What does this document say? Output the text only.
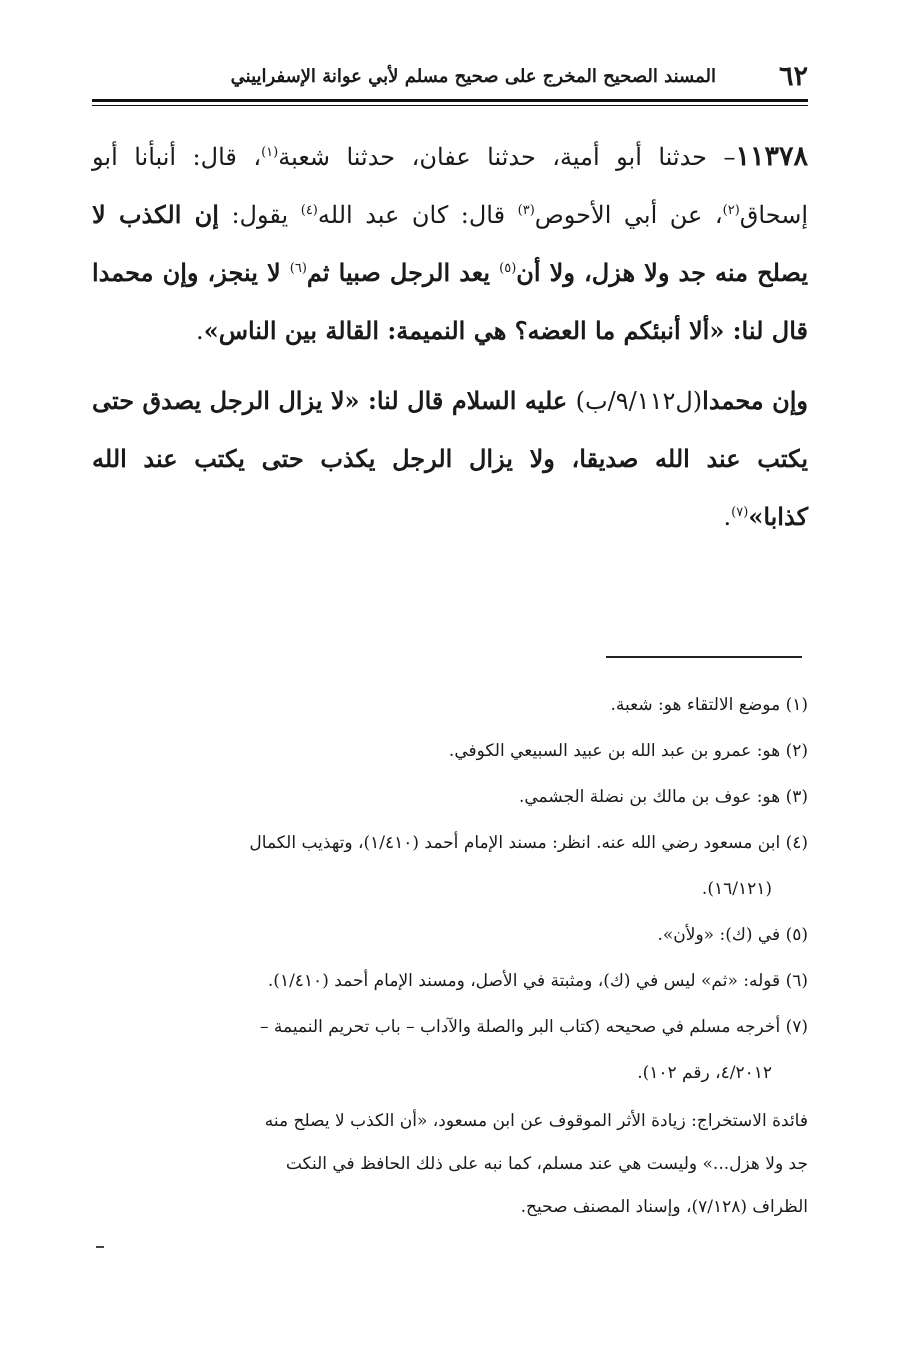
٦٢
المسند الصحيح المخرج على صحيح مسلم لأبي عوانة الإسفراييني

١١٣٧٨– حدثنا أبو أمية، حدثنا عفان، حدثنا شعبة$^{(١)}$، قال: أنبأنا أبو إسحاق$^{(٢)}$، عن أبي الأحوص$^{(٣)}$ قال: كان عبد الله$^{(٤)}$ يقول: إن الكذب لا يصلح منه جد ولا هزل، ولا أن$^{(٥)}$ يعد الرجل صبيا ثم$^{(٦)}$ لا ينجز، وإن محمدا قال لنا: «ألا أنبئكم ما العضه؟ هي النميمة: القالة بين الناس».

وإن محمدا(ل٩/١١٢/ب) عليه السلام قال لنا: «لا يزال الرجل يصدق حتى يكتب عند الله صديقا، ولا يزال الرجل يكذب حتى يكتب عند الله كذابا»$^{(٧)}$.

(١) موضع الالتقاء هو: شعبة.

(٢) هو: عمرو بن عبد الله بن عبيد السبيعي الكوفي.

(٣) هو: عوف بن مالك بن نضلة الجشمي.

(٤) ابن مسعود رضي الله عنه. انظر: مسند الإمام أحمد (١/٤١٠)، وتهذيب الكمال

(١٦/١٢١).

(٥) في (ك): «ولأن».

(٦) قوله: «ثم» ليس في (ك)، ومثبتة في الأصل، ومسند الإمام أحمد (١/٤١٠).

(٧) أخرجه مسلم في صحيحه (كتاب البر والصلة والآداب – باب تحريم النميمة –

٤/٢٠١٢، رقم ١٠٢).

فائدة الاستخراج: زيادة الأثر الموقوف عن ابن مسعود، «أن الكذب لا يصلح منه

جد ولا هزل...» وليست هي عند مسلم، كما نبه على ذلك الحافظ في النكت

الظراف (٧/١٢٨)، وإسناد المصنف صحيح.
